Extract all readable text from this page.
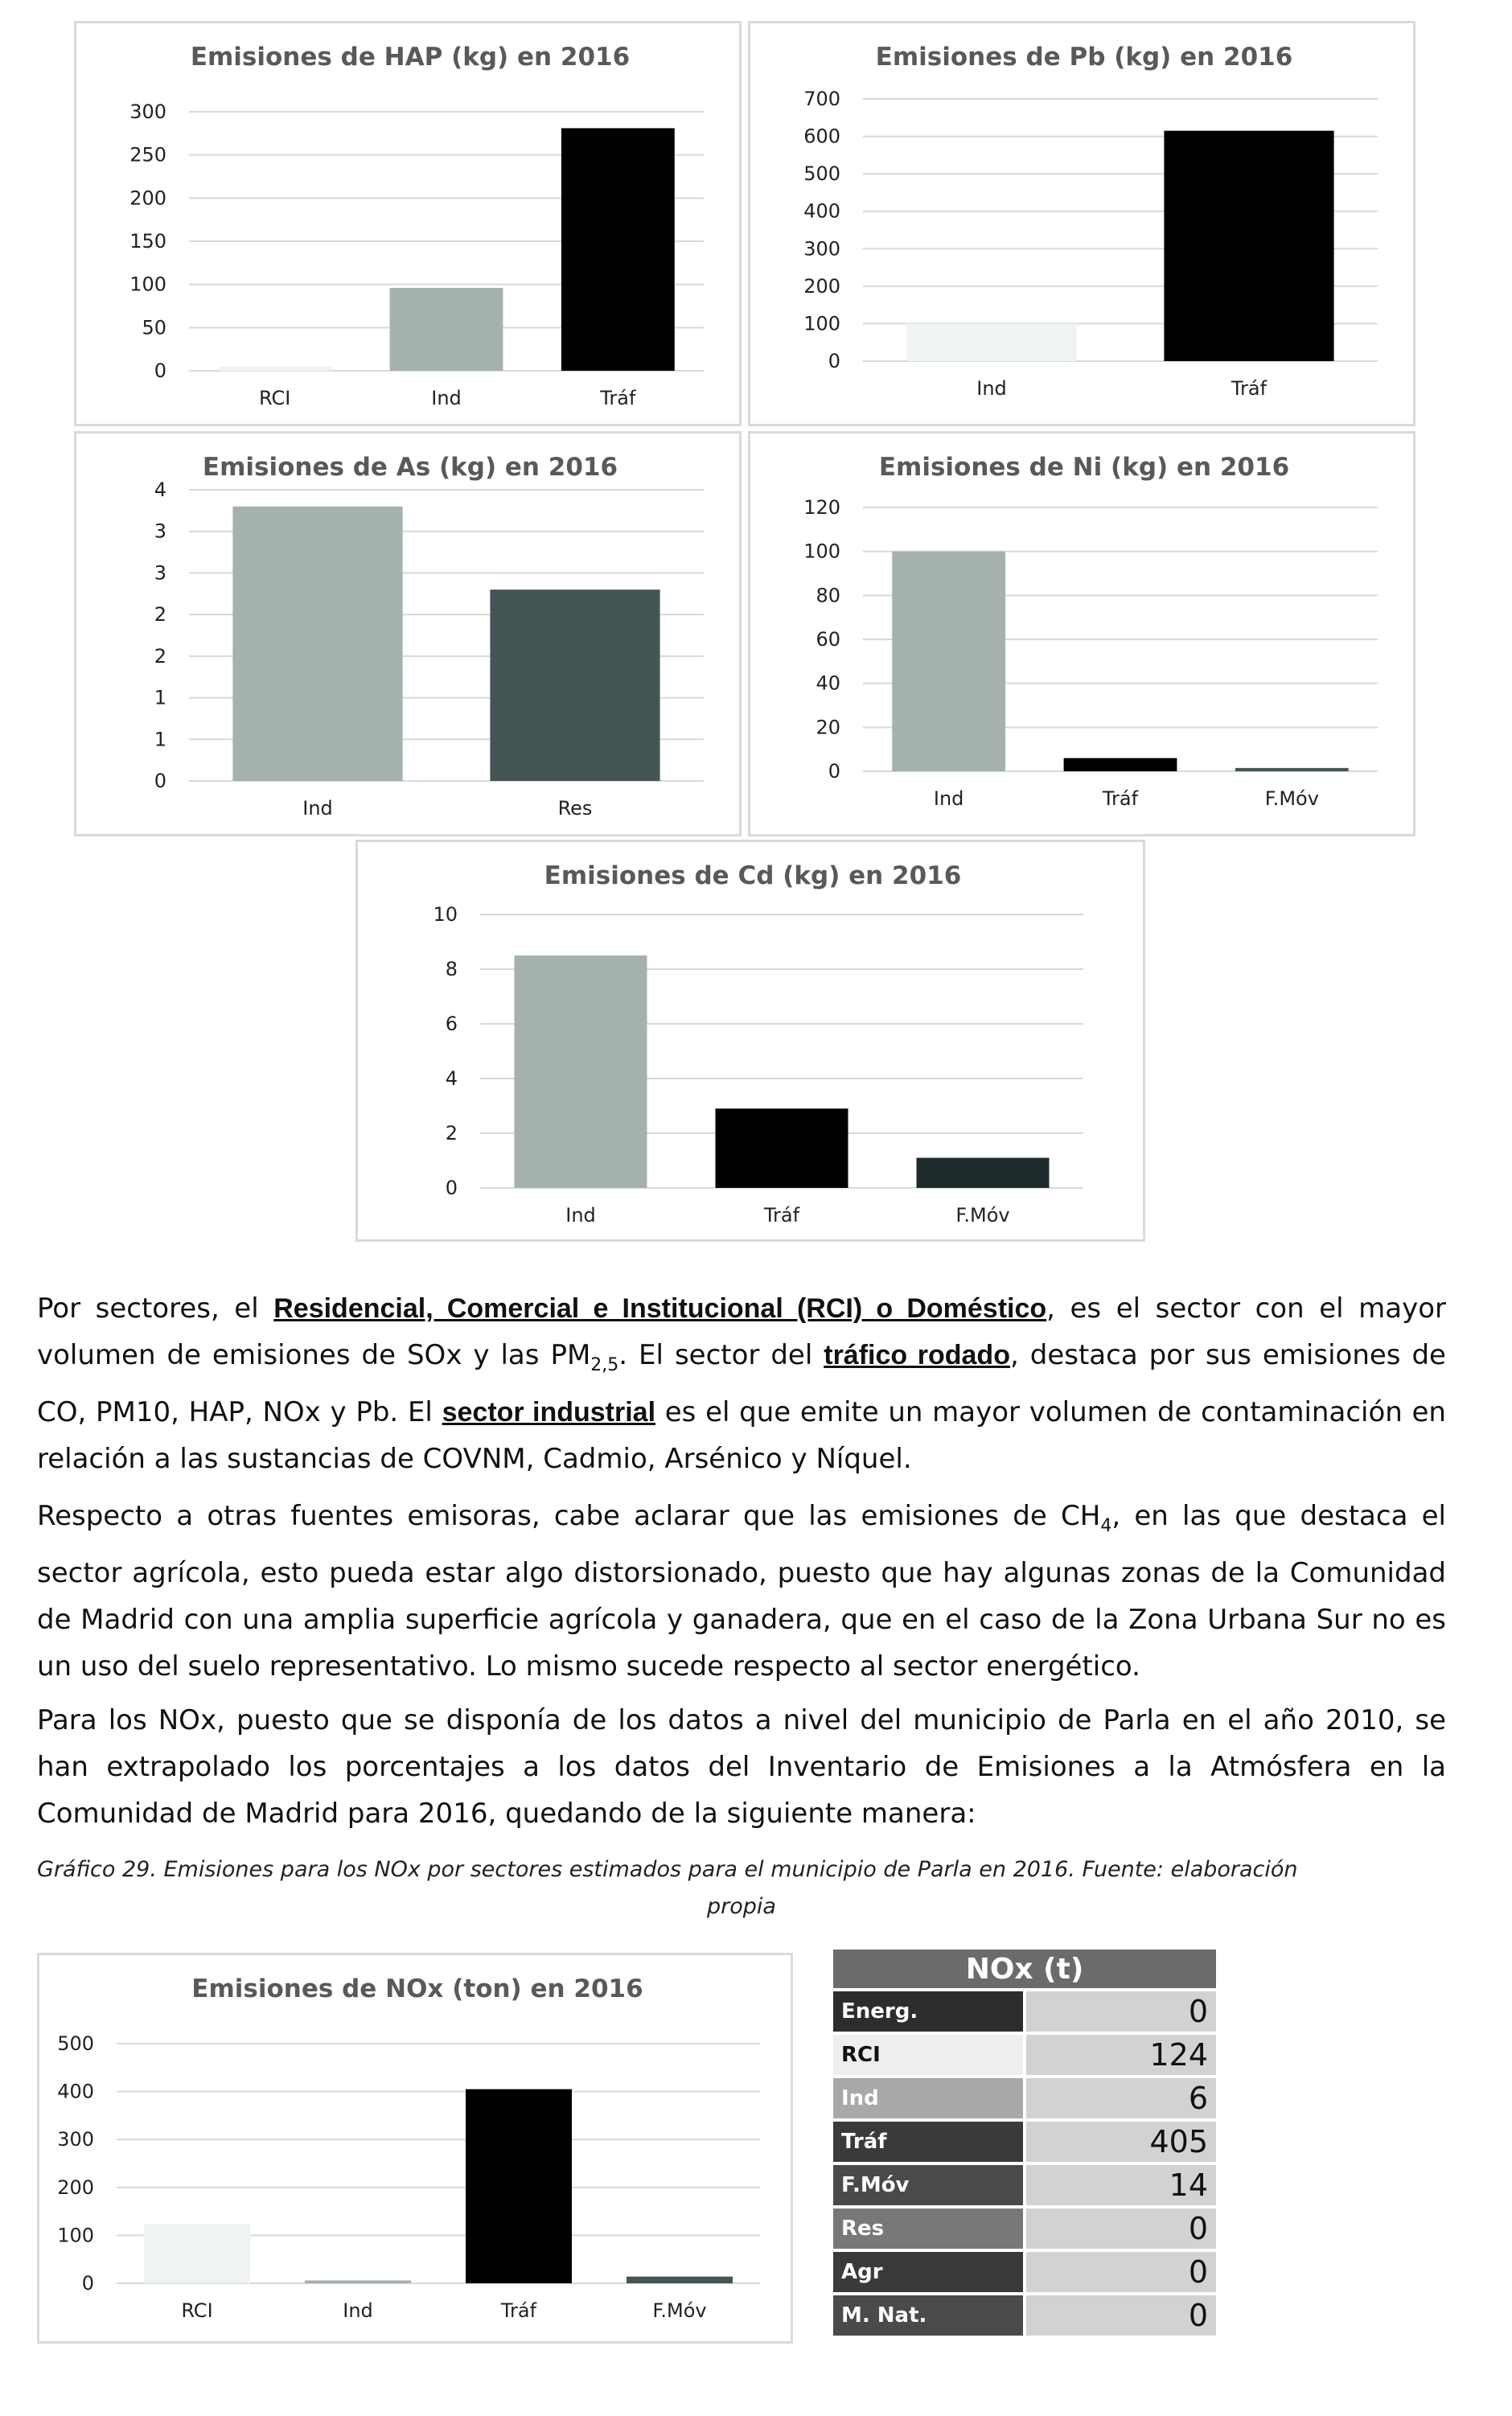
Emisiones de HAP (kg) en 2016
0
50
100
150
200
250
300
RCI	Ind	Tráf
Emisiones de Pb (kg) en 2016
0
100
200
300
400
500
600
700
Ind	Tráf
Emisiones de As (kg) en 2016
0
1
1
2
2
3
3
4
Ind	Res
Emisiones de Ni (kg) en 2016
0
20
40
60
80
100
120
Ind	Tráf	F.Móv
Emisiones de Cd (kg) en 2016
0
2
4
6
8
10
Ind	Tráf	F.Móv

Por sectores, el Residencial, Comercial e Institucional (RCI) o Doméstico, es el sector con el mayor volumen de emisiones de SOx y las $PM_{2,5}$. El sector del tráfico rodado, destaca por sus emisiones de CO, PM10, HAP, NOx y Pb. El sector industrial es el que emite un mayor volumen de contaminación en relación a las sustancias de COVNM, Cadmio, Arsénico y Níquel.

Respecto a otras fuentes emisoras, cabe aclarar que las emisiones de $CH_4$, en las que destaca el sector agrícola, esto pueda estar algo distorsionado, puesto que hay algunas zonas de la Comunidad de Madrid con una amplia superficie agrícola y ganadera, que en el caso de la Zona Urbana Sur no es un uso del suelo representativo. Lo mismo sucede respecto al sector energético.

Para los NOx, puesto que se disponía de los datos a nivel del municipio de Parla en el año 2010, se han extrapolado los porcentajes a los datos del Inventario de Emisiones a la Atmósfera en la Comunidad de Madrid para 2016, quedando de la siguiente manera:

Gráfico 29. Emisiones para los NOx por sectores estimados para el municipio de Parla en 2016. Fuente: elaboración
propia

Emisiones de NOx (ton) en 2016
0
100
200
300
400
500
RCI	Ind	Tráf	F.Móv
NOx (t)	
Energ.	0
RCI	124
Ind	6
Tráf	405
F.Móv	14
Res	0
Agr	0
M. Nat.	0
